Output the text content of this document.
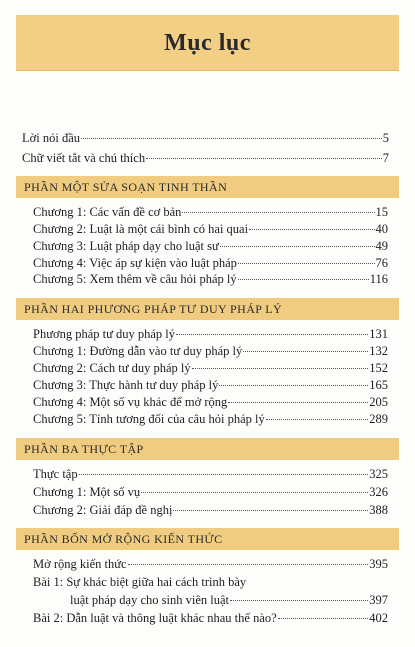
Mục lục
Lời nói đầu	5
Chữ viết tắt và chú thích	7
PHẦN MỘT SỬA SOẠN TINH THẦN
Chương 1: Các vấn đề cơ bản	15
Chương 2: Luật là một cái bình có hai quai	40
Chương 3: Luật pháp dạy cho luật sư	49
Chương 4: Việc áp sự kiện vào luật pháp	76
Chương 5: Xem thêm về câu hỏi pháp lý	116
PHẦN HAI PHƯƠNG PHÁP TƯ DUY PHÁP LÝ
Phương pháp tư duy pháp lý	131
Chương 1: Đường dẫn vào tư duy pháp lý	132
Chương 2: Cách tư duy pháp lý	152
Chương 3: Thực hành tư duy pháp lý	165
Chương 4: Một số vụ khác để mở rộng	205
Chương 5: Tính tương đối của câu hỏi pháp lý	289
PHẦN BA THỰC TẬP
Thực tập	325
Chương 1: Một số vụ	326
Chương 2: Giải đáp đề nghị	388
PHẦN BỐN MỞ RỘNG KIẾN THỨC
Mở rộng kiến thức	395
Bài 1: Sự khác biệt giữa hai cách trình bày
luật pháp dạy cho sinh viên luật	397
Bài 2: Dẫn luật và thông luật khác nhau thế nào?	402
